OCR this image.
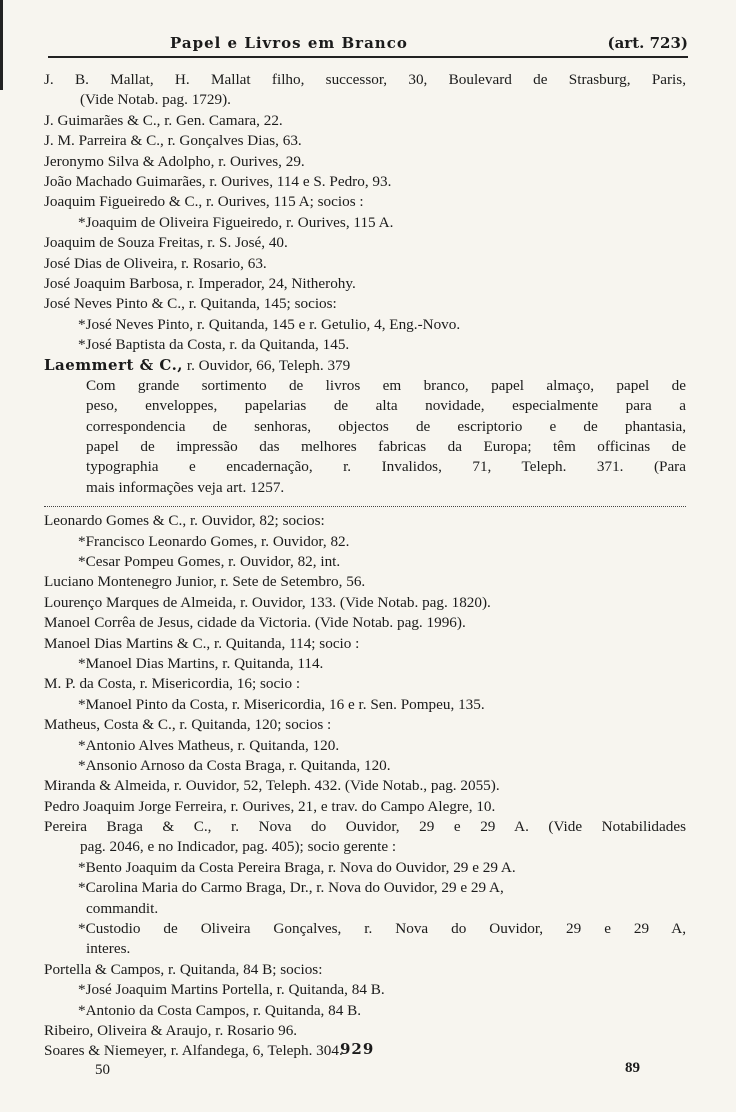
Papel e Livros em Branco	(art. 723)
J. B. Mallat, H. Mallat filho, successor, 30, Boulevard de Strasburg, Paris,
(Vide Notab. pag. 1729).
J. Guimarães & C., r. Gen. Camara, 22.
J. M. Parreira & C., r. Gonçalves Dias, 63.
Jeronymo Silva & Adolpho, r. Ourives, 29.
João Machado Guimarães, r. Ourives, 114 e S. Pedro, 93.
Joaquim Figueiredo & C., r. Ourives, 115 A; socios :
*Joaquim de Oliveira Figueiredo, r. Ourives, 115 A.
Joaquim de Souza Freitas, r. S. José, 40.
José Dias de Oliveira, r. Rosario, 63.
José Joaquim Barbosa, r. Imperador, 24, Nitherohy.
José Neves Pinto & C., r. Quitanda, 145; socios:
*José Neves Pinto, r. Quitanda, 145 e r. Getulio, 4, Eng.-Novo.
*José Baptista da Costa, r. da Quitanda, 145.
Laemmert & C., r. Ouvidor, 66, Teleph. 379
Com grande sortimento de livros em branco, papel almaço, papel de
peso, enveloppes, papelarias de alta novidade, especialmente para a
correspondencia de senhoras, objectos de escriptorio e de phantasia,
papel de impressão das melhores fabricas da Europa; têm officinas de
typographia e encadernação, r. Invalidos, 71, Teleph. 371. (Para
mais informações veja art. 1257.
Leonardo Gomes & C., r. Ouvidor, 82; socios:
*Francisco Leonardo Gomes, r. Ouvidor, 82.
*Cesar Pompeu Gomes, r. Ouvidor, 82, int.
Luciano Montenegro Junior, r. Sete de Setembro, 56.
Lourenço Marques de Almeida, r. Ouvidor, 133. (Vide Notab. pag. 1820).
Manoel Corrêa de Jesus, cidade da Victoria. (Vide Notab. pag. 1996).
Manoel Dias Martins & C., r. Quitanda, 114; socio :
*Manoel Dias Martins, r. Quitanda, 114.
M. P. da Costa, r. Misericordia, 16; socio :
*Manoel Pinto da Costa, r. Misericordia, 16 e r. Sen. Pompeu, 135.
Matheus, Costa & C., r. Quitanda, 120; socios :
*Antonio Alves Matheus, r. Quitanda, 120.
*Ansonio Arnoso da Costa Braga, r. Quitanda, 120.
Miranda & Almeida, r. Ouvidor, 52, Teleph. 432. (Vide Notab., pag. 2055).
Pedro Joaquim Jorge Ferreira, r. Ourives, 21, e trav. do Campo Alegre, 10.
Pereira Braga & C., r. Nova do Ouvidor, 29 e 29 A. (Vide Notabilidades
pag. 2046, e no Indicador, pag. 405); socio gerente :
*Bento Joaquim da Costa Pereira Braga, r. Nova do Ouvidor, 29 e 29 A.
*Carolina Maria do Carmo Braga, Dr., r. Nova do Ouvidor, 29 e 29 A,
commandit.
*Custodio de Oliveira Gonçalves, r. Nova do Ouvidor, 29 e 29 A,
interes.
Portella & Campos, r. Quitanda, 84 B; socios:
*José Joaquim Martins Portella, r. Quitanda, 84 B.
*Antonio da Costa Campos, r. Quitanda, 84 B.
Ribeiro, Oliveira & Araujo, r. Rosario 96.
Soares & Niemeyer, r. Alfandega, 6, Teleph. 304.
50
929
89
